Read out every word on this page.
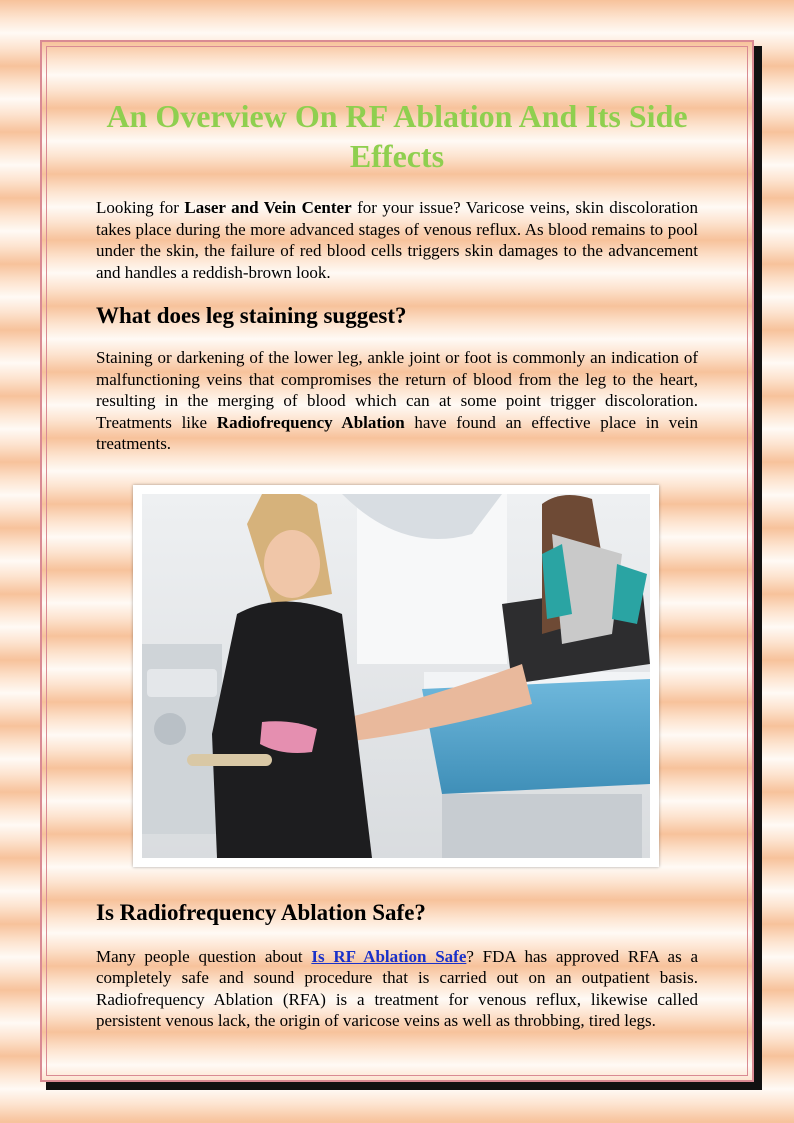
An Overview On RF Ablation And Its Side Effects

Looking for Laser and Vein Center for your issue? Varicose veins, skin discoloration takes place during the more advanced stages of venous reflux. As blood remains to pool under the skin, the failure of red blood cells triggers skin damages to the advancement and handles a reddish-brown look.

What does leg staining suggest?

Staining or darkening of the lower leg, ankle joint or foot is commonly an indication of malfunctioning veins that compromises the return of blood from the leg to the heart, resulting in the merging of blood which can at some point trigger discoloration. Treatments like Radiofrequency Ablation have found an effective place in vein treatments.

Is Radiofrequency Ablation Safe?

Many people question about Is RF Ablation Safe? FDA has approved RFA as a completely safe and sound procedure that is carried out on an outpatient basis. Radiofrequency Ablation (RFA) is a treatment for venous reflux, likewise called persistent venous lack, the origin of varicose veins as well as throbbing, tired legs.
